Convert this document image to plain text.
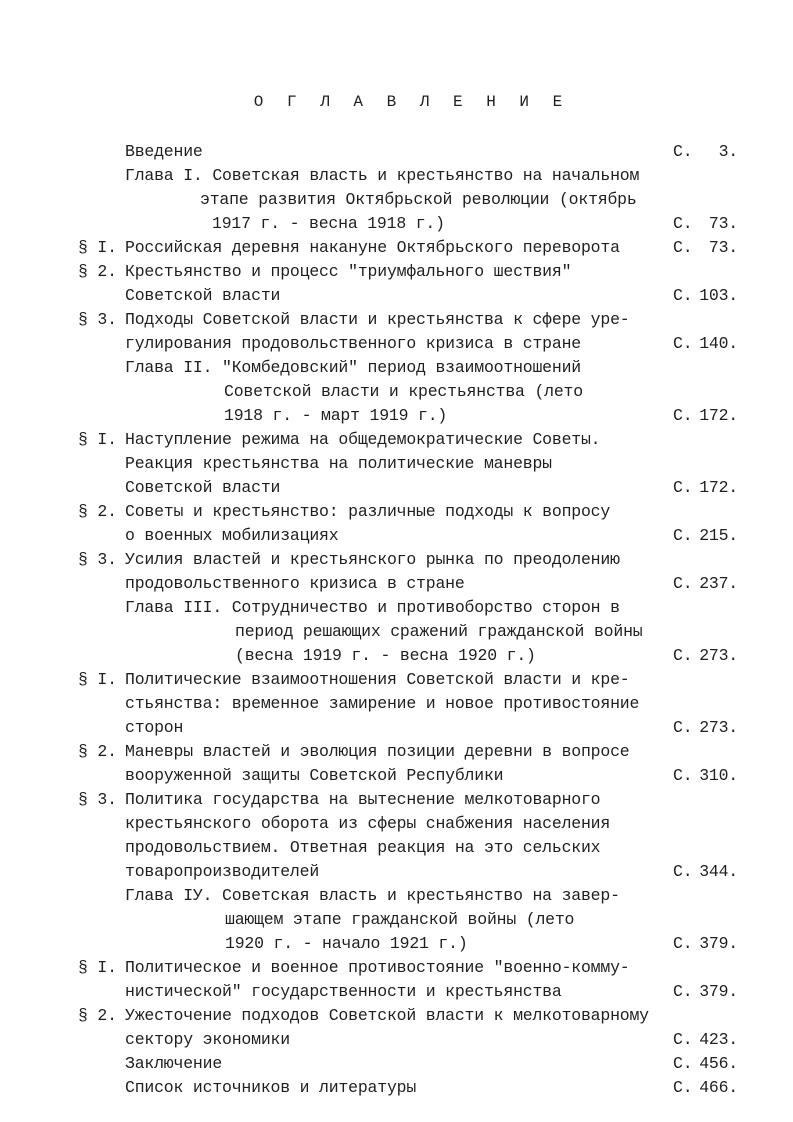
О Г Л А В Л Е Н И Е
Введение	С. 3.
Глава I. Советская власть и крестьянство на начальном
этапе развития Октябрьской революции (октябрь
1917 г. - весна 1918 г.)	С. 73.
§ I. Российская деревня накануне Октябрьского переворота	С. 73.
§ 2. Крестьянство и процесс "триумфального шествия"
Советской власти	С. 103.
§ 3. Подходы Советской власти и крестьянства к сфере уре-
гулирования продовольственного кризиса в стране	С. 140.
Глава II. "Комбедовский" период взаимоотношений
Советской власти и крестьянства (лето
1918 г. - март 1919 г.)	С. 172.
§ I. Наступление режима на общедемократические Советы.
Реакция крестьянства на политические маневры
Советской власти	С. 172.
§ 2. Советы и крестьянство: различные подходы к вопросу
о военных мобилизациях	С. 215.
§ 3. Усилия властей и крестьянского рынка по преодолению
продовольственного кризиса в стране	С. 237.
Глава III. Сотрудничество и противоборство сторон в
период решающих сражений гражданской войны
(весна 1919 г. - весна 1920 г.)	С. 273.
§ I. Политические взаимоотношения Советской власти и кре-
стьянства: временное замирение и новое противостояние
сторон	С. 273.
§ 2. Маневры властей и эволюция позиции деревни в вопросе
вооруженной защиты Советской Республики	С. 310.
§ 3. Политика государства на вытеснение мелкотоварного
крестьянского оборота из сферы снабжения населения
продовольствием. Ответная реакция на это сельских
товаропроизводителей	С. 344.
Глава IУ. Советская власть и крестьянство на завер-
шающем этапе гражданской войны (лето
1920 г. - начало 1921 г.)	С. 379.
§ I. Политическое и военное противостояние "военно-комму-
нистической" государственности и крестьянства	С. 379.
§ 2. Ужесточение подходов Советской власти к мелкотоварному
сектору экономики	С. 423.
Заключение	С. 456.
Список источников и литературы	С. 466.
